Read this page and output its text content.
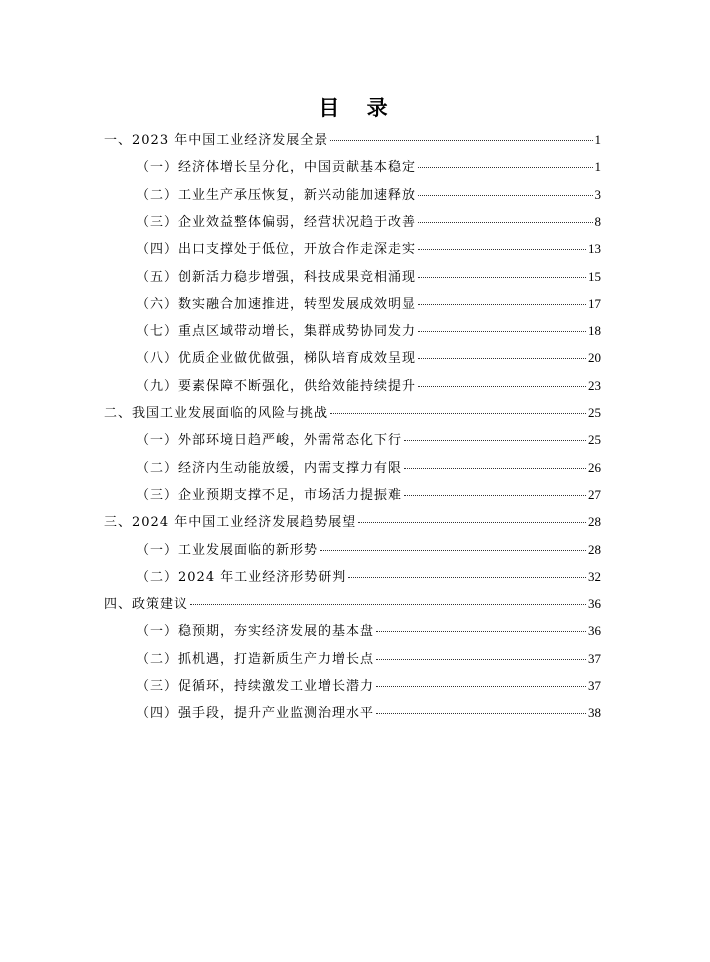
目 录
一、2023 年中国工业经济发展全景	1
（一）经济体增长呈分化，中国贡献基本稳定	1
（二）工业生产承压恢复，新兴动能加速释放	3
（三）企业效益整体偏弱，经营状况趋于改善	8
（四）出口支撑处于低位，开放合作走深走实	13
（五）创新活力稳步增强，科技成果竞相涌现	15
（六）数实融合加速推进，转型发展成效明显	17
（七）重点区域带动增长，集群成势协同发力	18
（八）优质企业做优做强，梯队培育成效呈现	20
（九）要素保障不断强化，供给效能持续提升	23
二、我国工业发展面临的风险与挑战	25
（一）外部环境日趋严峻，外需常态化下行	25
（二）经济内生动能放缓，内需支撑力有限	26
（三）企业预期支撑不足，市场活力提振难	27
三、2024 年中国工业经济发展趋势展望	28
（一）工业发展面临的新形势	28
（二）2024 年工业经济形势研判	32
四、政策建议	36
（一）稳预期，夯实经济发展的基本盘	36
（二）抓机遇，打造新质生产力增长点	37
（三）促循环，持续激发工业增长潜力	37
（四）强手段，提升产业监测治理水平	38
